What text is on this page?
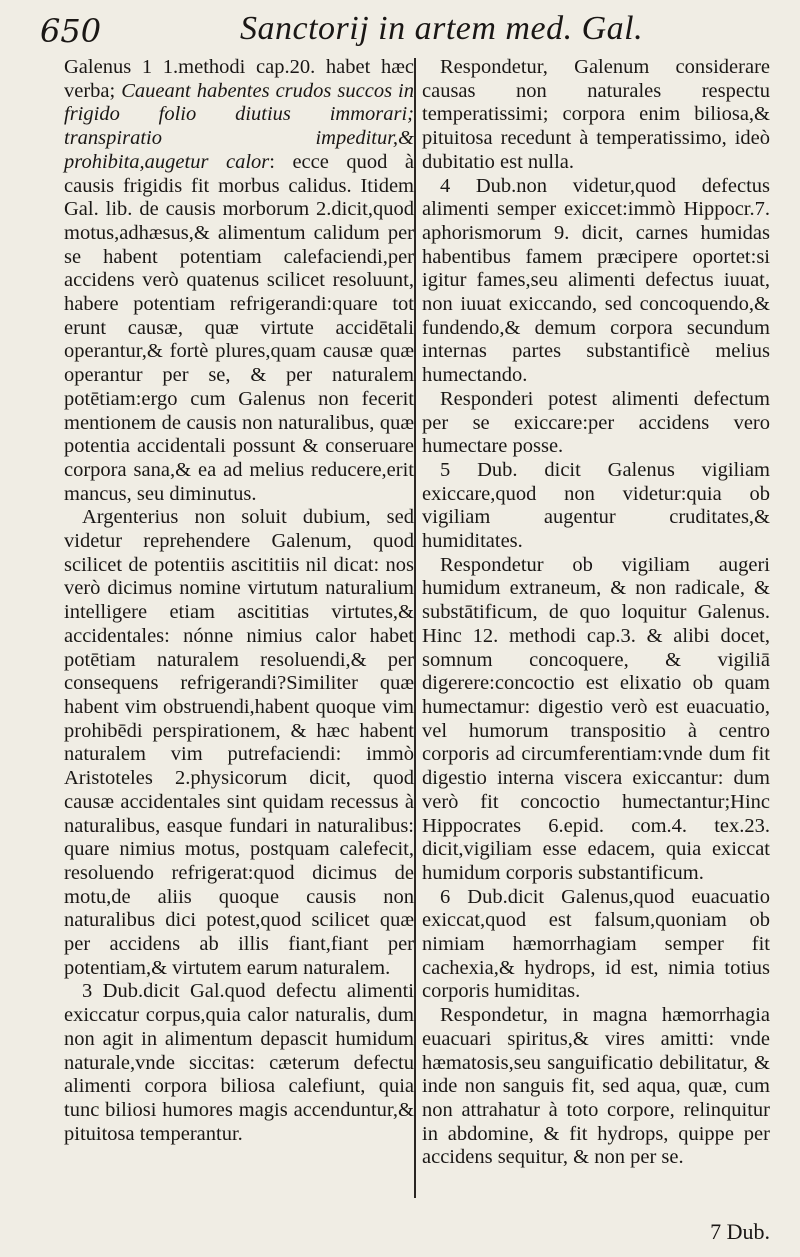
650	Sanctorij in artem med. Gal.

Galenus 1 1.methodi cap.20. habet hæc verba; Caueant habentes crudos succos in frigido folio diutius immorari; transpiratio impeditur,& prohibita,augetur calor: ecce quod à causis frigidis fit morbus calidus. Itidem Gal. lib. de causis morborum 2.dicit,quod motus,adhæsus,& alimentum calidum per se habent potentiam calefaciendi,per accidens verò quatenus scilicet resoluunt, habere potentiam refrigerandi:quare tot erunt causæ, quæ virtute accidētali operantur,& fortè plures,quam causæ quæ operantur per se, & per naturalem potētiam:ergo cum Galenus non fecerit mentionem de causis non naturalibus, quæ potentia accidentali possunt & conseruare corpora sana,& ea ad melius reducere,erit mancus, seu diminutus.

Argenterius non soluit dubium, sed videtur reprehendere Galenum, quod scilicet de potentiis ascititiis nil dicat: nos verò dicimus nomine virtutum naturalium intelligere etiam ascititias virtutes,& accidentales: nónne nimius calor habet potētiam naturalem resoluendi,& per consequens refrigerandi?Similiter quæ habent vim obstruendi,habent quoque vim prohibēdi perspirationem, & hæc habent naturalem vim putrefaciendi: immò Aristoteles 2.physicorum dicit, quod causæ accidentales sint quidam recessus à naturalibus, easque fundari in naturalibus: quare nimius motus, postquam calefecit, resoluendo refrigerat:quod dicimus de motu,de aliis quoque causis non naturalibus dici potest,quod scilicet quæ per accidens ab illis fiant,fiant per potentiam,& virtutem earum naturalem.

3 Dub.dicit Gal.quod defectu alimenti exiccatur corpus,quia calor naturalis, dum non agit in alimentum depascit humidum naturale,vnde siccitas: cæterum defectu alimenti corpora biliosa calefiunt, quia tunc biliosi humores magis accenduntur,& pituitosa temperantur.

Respondetur, Galenum considerare causas non naturales respectu temperatissimi; corpora enim biliosa,& pituitosa recedunt à temperatissimo, ideò dubitatio est nulla.

4 Dub.non videtur,quod defectus alimenti semper exiccet:immò Hippocr.7. aphorismorum 9. dicit, carnes humidas habentibus famem præcipere oportet:si igitur fames,seu alimenti defectus iuuat, non iuuat exiccando, sed concoquendo,& fundendo,& demum corpora secundum internas partes substantificè melius humectando.

Responderi potest alimenti defectum per se exiccare:per accidens vero humectare posse.

5 Dub. dicit Galenus vigiliam exiccare,quod non videtur:quia ob vigiliam augentur cruditates,& humiditates.

Respondetur ob vigiliam augeri humidum extraneum, & non radicale, & substātificum, de quo loquitur Galenus. Hinc 12. methodi cap.3. & alibi docet, somnum concoquere, & vigiliā digerere:concoctio est elixatio ob quam humectamur: digestio verò est euacuatio, vel humorum transpositio à centro corporis ad circumferentiam:vnde dum fit digestio interna viscera exiccantur: dum verò fit concoctio humectantur;Hinc Hippocrates 6.epid. com.4. tex.23. dicit,vigiliam esse edacem, quia exiccat humidum corporis substantificum.

6 Dub.dicit Galenus,quod euacuatio exiccat,quod est falsum,quoniam ob nimiam hæmorrhagiam semper fit cachexia,& hydrops, id est, nimia totius corporis humiditas.

Respondetur, in magna hæmorrhagia euacuari spiritus,& vires amitti: vnde hæmatosis,seu sanguificatio debilitatur, & inde non sanguis fit, sed aqua, quæ, cum non attrahatur à toto corpore, relinquitur in abdomine, & fit hydrops, quippe per accidens sequitur, & non per se.

7 Dub.
